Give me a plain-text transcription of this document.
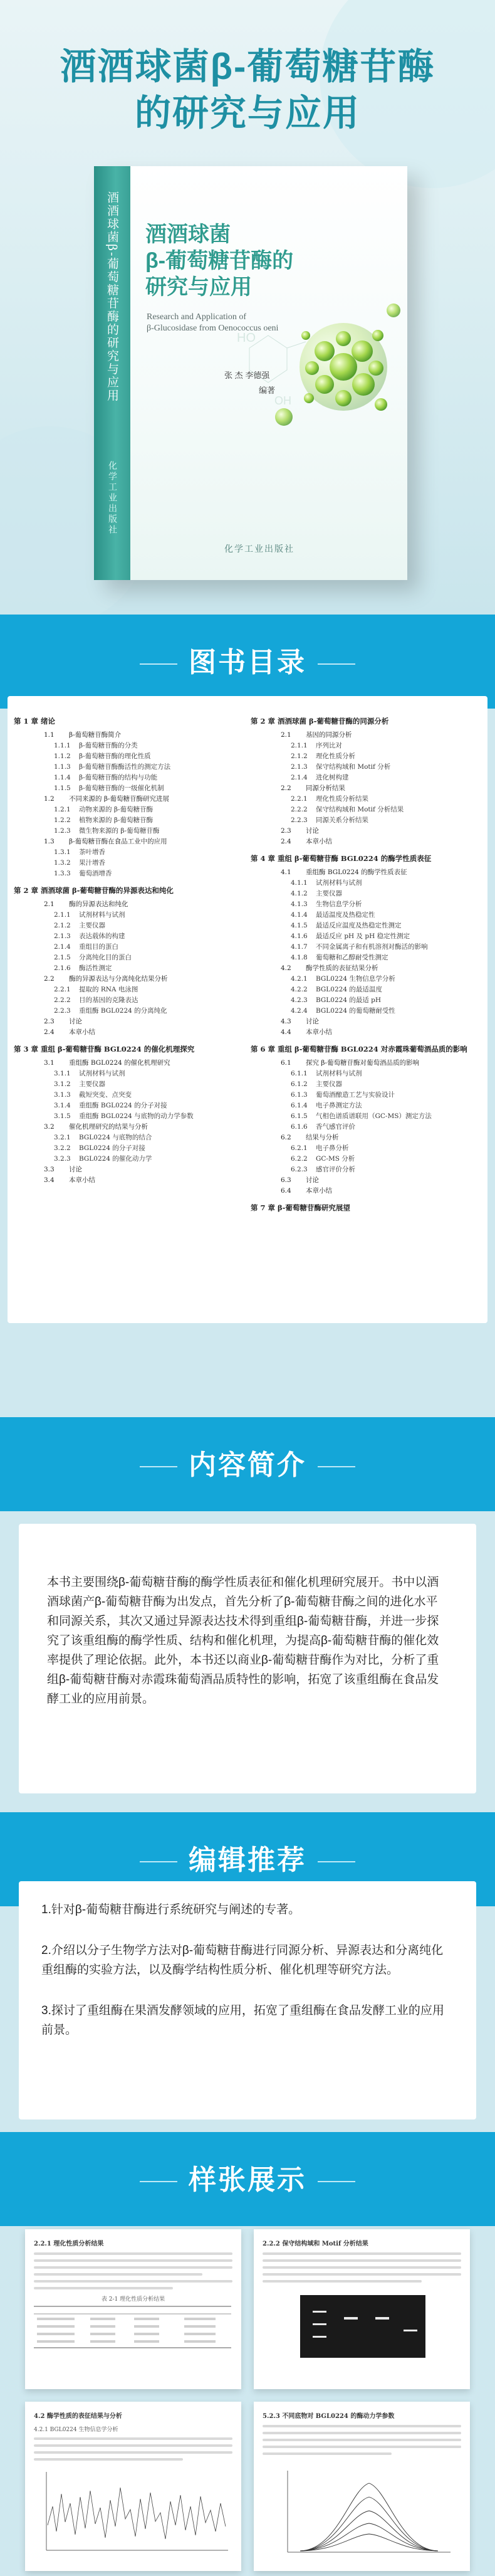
酒酒球菌β-葡萄糖苷酶
的研究与应用
酒酒球菌β-葡萄糖苷酶的研究与应用
化学工业出版社
HO
OH
酒酒球菌
β-葡萄糖苷酶的
研究与应用
Research and Application of
β-Glucosidase from Oenococcus oeni
张 杰 李德强
编著
化学工业出版社
图书目录
第 1 章 绪论
1.1 β-葡萄糖苷酶简介
1.1.1 β-葡萄糖苷酶的分类
1.1.2 β-葡萄糖苷酶的理化性质
1.1.3 β-葡萄糖苷酶酶活性的测定方法
1.1.4 β-葡萄糖苷酶的结构与功能
1.1.5 β-葡萄糖苷酶的一级催化机制
1.2 不同来源的 β-葡萄糖苷酶研究进展
1.2.1 动物来源的 β-葡萄糖苷酶
1.2.2 植物来源的 β-葡萄糖苷酶
1.2.3 微生物来源的 β-葡萄糖苷酶
1.3 β-葡萄糖苷酶在食品工业中的应用
1.3.1 茶叶增香
1.3.2 果汁增香
1.3.3 葡萄酒增香
第 2 章 酒酒球菌 β-葡萄糖苷酶的异源表达和纯化
2.1 酶的异源表达和纯化
2.1.1 试剂材料与试剂
2.1.2 主要仪器
2.1.3 表达载体的构建
2.1.4 重组目的蛋白
2.1.5 分离纯化目的蛋白
2.1.6 酶活性测定
2.2 酶的异源表达与分离纯化结果分析
2.2.1 提取的 RNA 电泳图
2.2.2 目的基因的克隆表达
2.2.3 重组酶 BGL0224 的分离纯化
2.3 讨论
2.4 本章小结
第 3 章 重组 β-葡萄糖苷酶 BGL0224 的催化机理探究
3.1 重组酶 BGL0224 的催化机理研究
3.1.1 试剂材料与试剂
3.1.2 主要仪器
3.1.3 截短突变、点突变
3.1.4 重组酶 BGL0224 的分子对接
3.1.5 重组酶 BGL0224 与底物的动力学参数
3.2 催化机理研究的结果与分析
3.2.1 BGL0224 与底物的结合
3.2.2 BGL0224 的分子对接
3.2.3 BGL0224 的催化动力学
3.3 讨论
3.4 本章小结
第 2 章 酒酒球菌 β-葡萄糖苷酶的同源分析
2.1 基因的同源分析
2.1.1 序列比对
2.1.2 理化性质分析
2.1.3 保守结构域和 Motif 分析
2.1.4 进化树构建
2.2 同源分析结果
2.2.1 理化性质分析结果
2.2.2 保守结构域和 Motif 分析结果
2.2.3 同源关系分析结果
2.3 讨论
2.4 本章小结
第 4 章 重组 β-葡萄糖苷酶 BGL0224 的酶学性质表征
4.1 重组酶 BGL0224 的酶学性质表征
4.1.1 试剂材料与试剂
4.1.2 主要仪器
4.1.3 生物信息学分析
4.1.4 最适温度及热稳定性
4.1.5 最适反应温度及热稳定性测定
4.1.6 最适反应 pH 及 pH 稳定性测定
4.1.7 不同金属离子和有机溶剂对酶活的影响
4.1.8 葡萄糖和乙醇耐受性测定
4.2 酶学性质的表征结果分析
4.2.1 BGL0224 生物信息学分析
4.2.2 BGL0224 的最适温度
4.2.3 BGL0224 的最适 pH
4.2.4 BGL0224 的葡萄糖耐受性
4.3 讨论
4.4 本章小结
第 6 章 重组 β-葡萄糖苷酶 BGL0224 对赤霞珠葡萄酒品质的影响
6.1 探究 β-葡萄糖苷酶对葡萄酒品质的影响
6.1.1 试剂材料与试剂
6.1.2 主要仪器
6.1.3 葡萄酒酿造工艺与实验设计
6.1.4 电子鼻测定方法
6.1.5 气相色谱质谱联用（GC-MS）测定方法
6.1.6 香气感官评价
6.2 结果与分析
6.2.1 电子鼻分析
6.2.2 GC-MS 分析
6.2.3 感官评价分析
6.3 讨论
6.4 本章小结
第 7 章 β-葡萄糖苷酶研究展望
内容简介
本书主要围绕β-葡萄糖苷酶的酶学性质表征和催化机理研究展开。书中以酒酒球菌产β-葡萄糖苷酶为出发点，首先分析了β-葡萄糖苷酶之间的进化水平和同源关系，其次又通过异源表达技术得到重组β-葡萄糖苷酶，并进一步探究了该重组酶的酶学性质、结构和催化机理，为提高β-葡萄糖苷酶的催化效率提供了理论依据。此外，本书还以商业β-葡萄糖苷酶作为对比，分析了重组β-葡萄糖苷酶对赤霞珠葡萄酒品质特性的影响，拓宽了该重组酶在食品发酵工业的应用前景。
编辑推荐
1.针对β-葡萄糖苷酶进行系统研究与阐述的专著。
2.介绍以分子生物学方法对β-葡萄糖苷酶进行同源分析、异源表达和分离纯化重组酶的实验方法，以及酶学结构性质分析、催化机理等研究方法。
3.探讨了重组酶在果酒发酵领域的应用，拓宽了重组酶在食品发酵工业的应用前景。
样张展示
2.2.1 理化性质分析结果
表 2-1 理化性质分析结果
2.2.2 保守结构域和 Motif 分析结果
4.2 酶学性质的表征结果与分析
4.2.1 BGL0224 生物信息学分析
5.2.3 不同底物对 BGL0224 的酶动力学参数
